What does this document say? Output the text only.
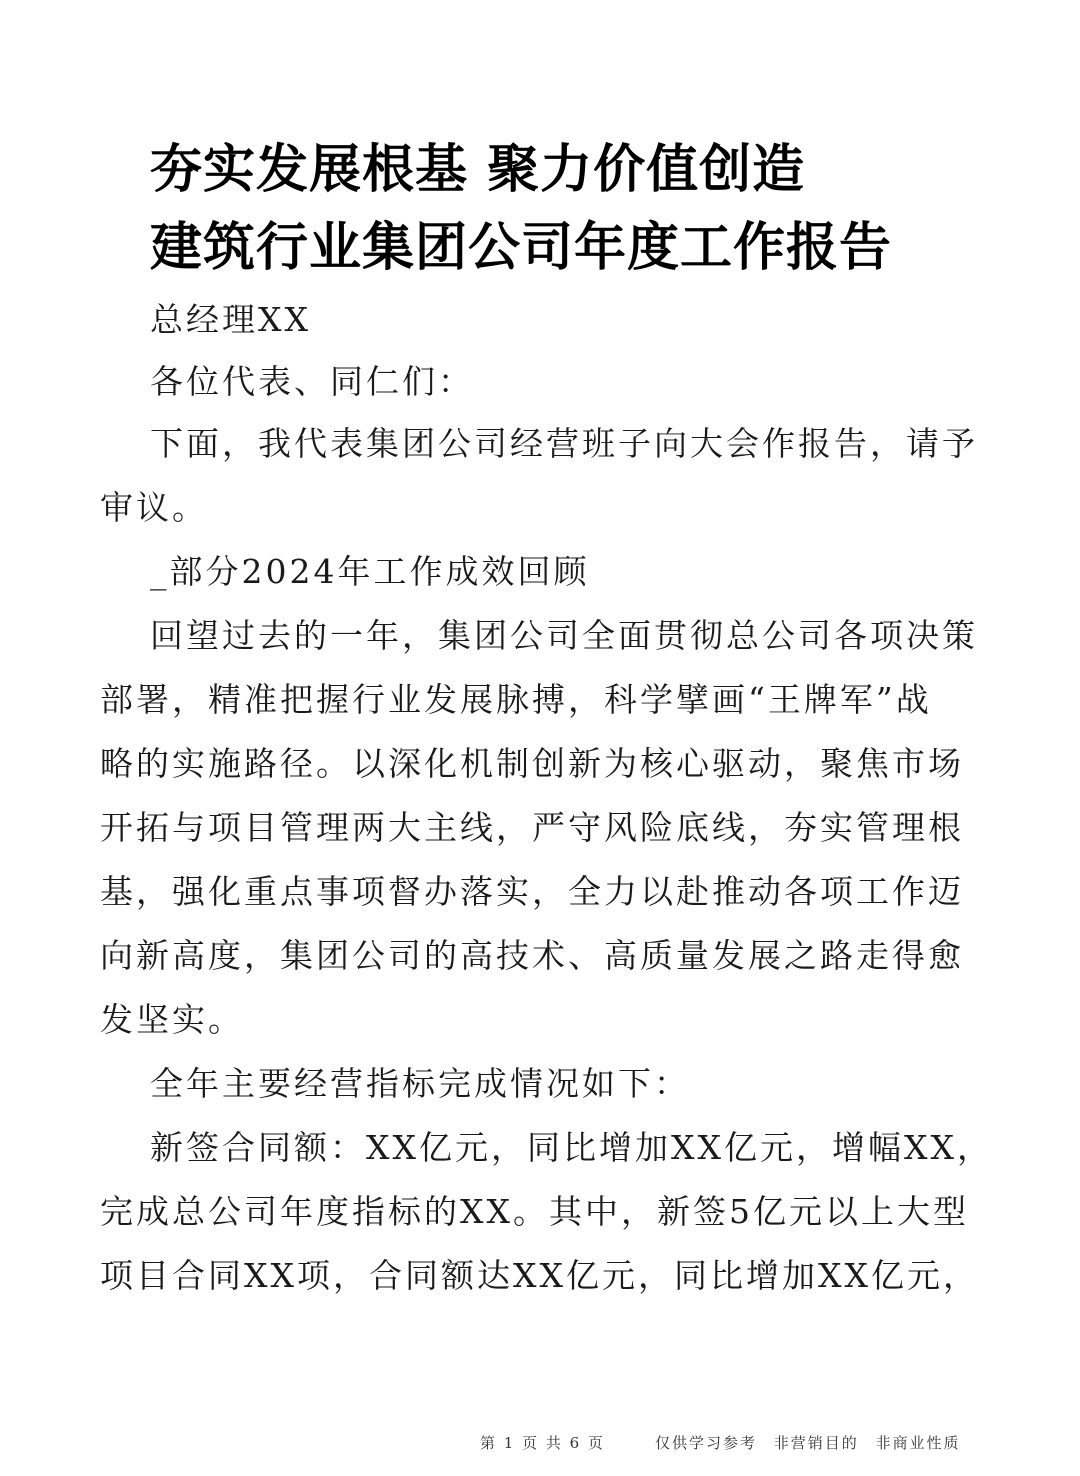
夯实发展根基 聚力价值创造
建筑行业集团公司年度工作报告
总经理XX
各位代表、同仁们：
下面，我代表集团公司经营班子向大会作报告，请予
审议。
_部分2024年工作成效回顾
回望过去的一年，集团公司全面贯彻总公司各项决策
部署，精准把握行业发展脉搏，科学擘画“王牌军”战
略的实施路径。以深化机制创新为核心驱动，聚焦市场
开拓与项目管理两大主线，严守风险底线，夯实管理根
基，强化重点事项督办落实，全力以赴推动各项工作迈
向新高度，集团公司的高技术、高质量发展之路走得愈
发坚实。
全年主要经营指标完成情况如下：
新签合同额：XX亿元，同比增加XX亿元，增幅XX，
完成总公司年度指标的XX。其中，新签5亿元以上大型
项目合同XX项，合同额达XX亿元，同比增加XX亿元，
第 1 页 共 6 页	仅供学习参考 非营销目的 非商业性质
